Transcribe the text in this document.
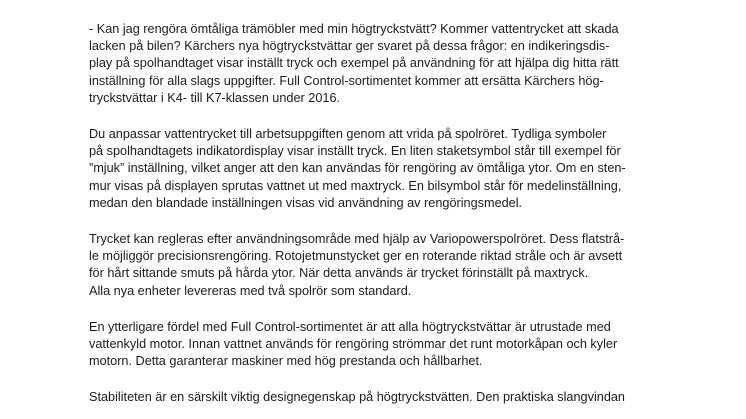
- Kan jag rengöra ömtåliga trämöbler med min högtryckstvätt? Kommer vattentrycket att skada
lacken på bilen? Kärchers nya högtryckstvättar ger svaret på dessa frågor: en indikeringsdis-
play på spolhandtaget visar inställt tryck och exempel på användning för att hjälpa dig hitta rätt
inställning för alla slags uppgifter. Full Control-sortimentet kommer att ersätta Kärchers hög-
tryckstvättar i K4- till K7-klassen under 2016.

Du anpassar vattentrycket till arbetsuppgiften genom att vrida på spolröret. Tydliga symboler
på spolhandtagets indikatordisplay visar inställt tryck. En liten staketsymbol står till exempel för
”mjuk” inställning, vilket anger att den kan användas för rengöring av ömtåliga ytor. Om en sten-
mur visas på displayen sprutas vattnet ut med maxtryck. En bilsymbol står för medelinställning,
medan den blandade inställningen visas vid användning av rengöringsmedel.

Trycket kan regleras efter användningsområde med hjälp av Variopowerspolröret. Dess flatstrå-
le möjliggör precisionsrengöring. Rotojetmunstycket ger en roterande riktad stråle och är avsett
för hårt sittande smuts på hårda ytor. När detta används är trycket förinställt på maxtryck.
Alla nya enheter levereras med två spolrör som standard.

En ytterligare fördel med Full Control-sortimentet är att alla högtryckstvättar är utrustade med
vattenkyld motor. Innan vattnet används för rengöring strömmar det runt motorkåpan och kyler
motorn. Detta garanterar maskiner med hög prestanda och hållbarhet.

Stabiliteten är en särskilt viktig designegenskap på högtryckstvätten. Den praktiska slangvindan
